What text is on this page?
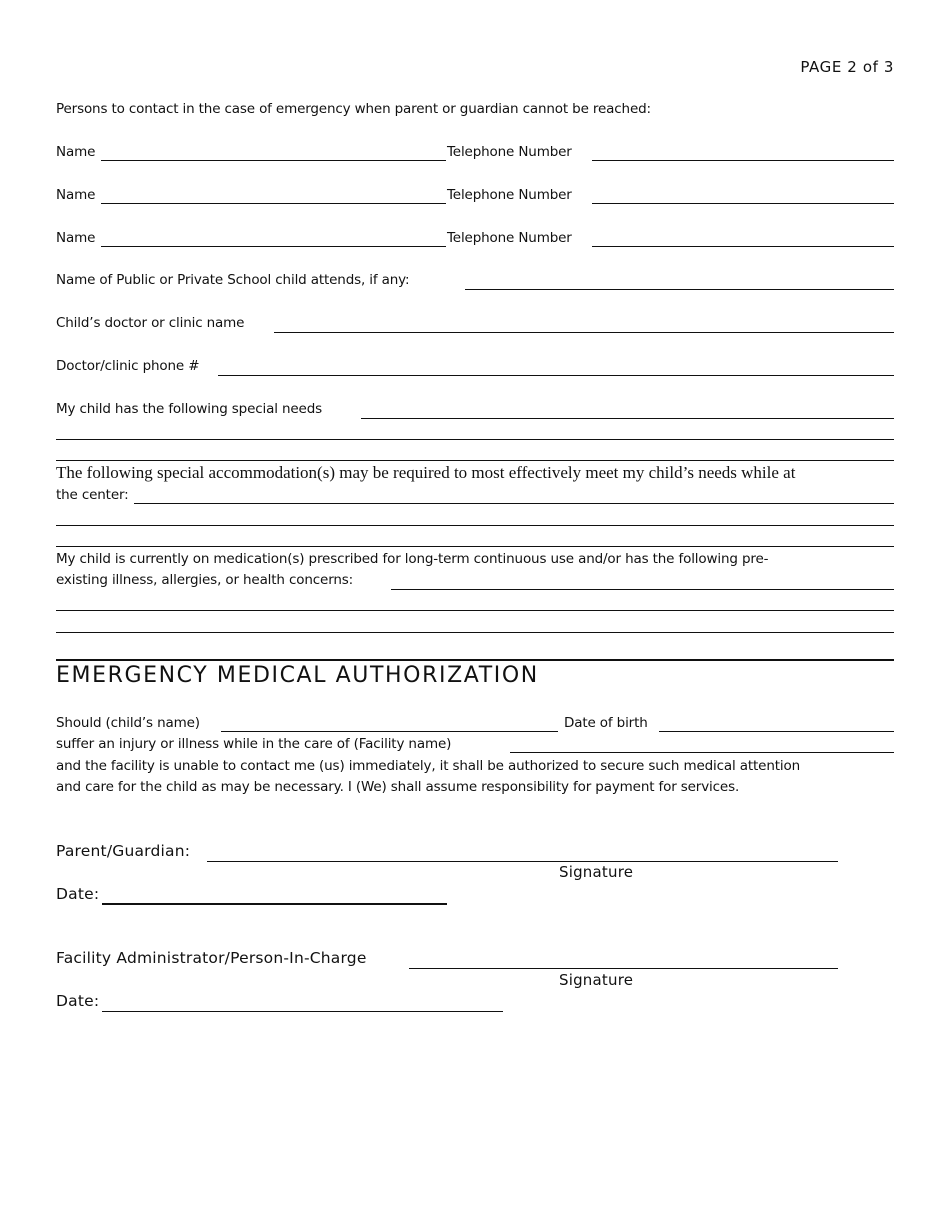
PAGE 2 of 3
Persons to contact in the case of emergency when parent or guardian cannot be reached:
Name	Telephone Number
Name	Telephone Number
Name	Telephone Number
Name of Public or Private School child attends, if any:
Child’s doctor or clinic name
Doctor/clinic phone #
My child has the following special needs
The following special accommodation(s) may be required to most effectively meet my child’s needs while at
the center:
My child is currently on medication(s) prescribed for long-term continuous use and/or has the following pre-
existing illness, allergies, or health concerns:
EMERGENCY MEDICAL AUTHORIZATION
Should (child’s name)	Date of birth
suffer an injury or illness while in the care of (Facility name)
and the facility is unable to contact me (us) immediately, it shall be authorized to secure such medical attention
and care for the child as may be necessary. I (We) shall assume responsibility for payment for services.
Parent/Guardian:
Signature
Date:
Facility Administrator/Person-In-Charge
Signature
Date:
